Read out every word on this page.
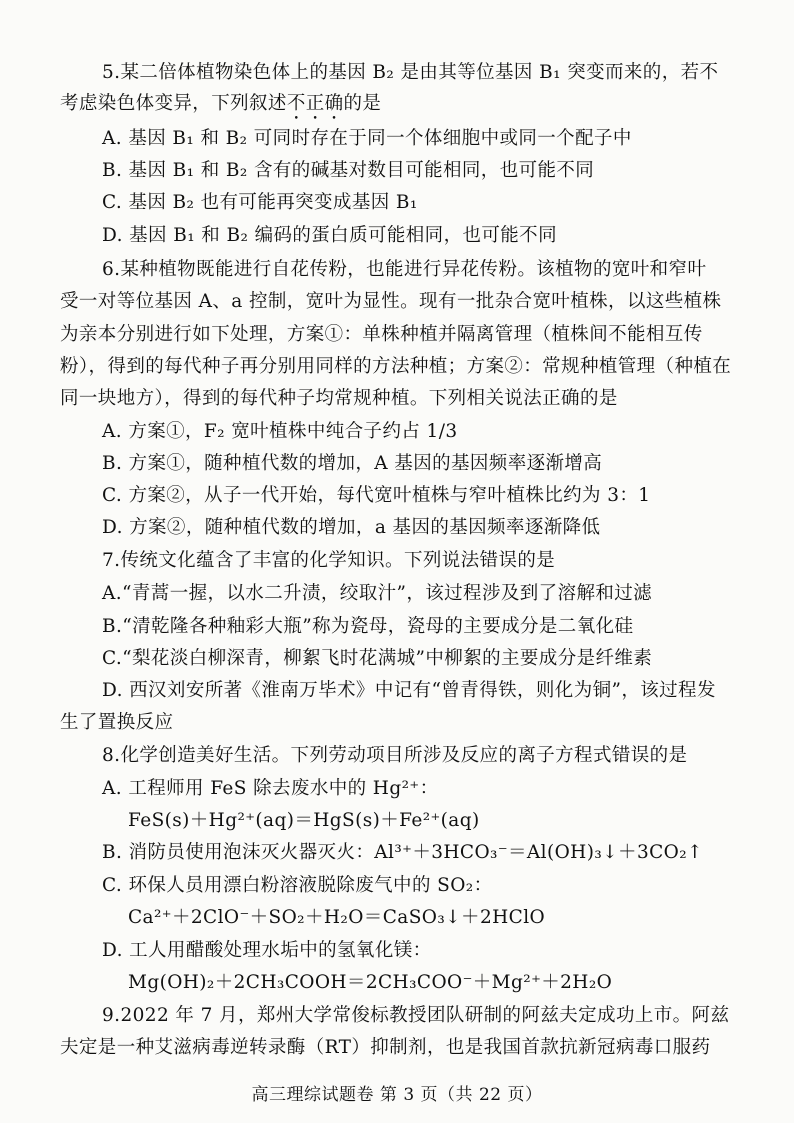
5.某二倍体植物染色体上的基因 B₂ 是由其等位基因 B₁ 突变而来的，若不
考虑染色体变异，下列叙述不正确的是
A. 基因 B₁ 和 B₂ 可同时存在于同一个体细胞中或同一个配子中
B. 基因 B₁ 和 B₂ 含有的碱基对数目可能相同，也可能不同
C. 基因 B₂ 也有可能再突变成基因 B₁
D. 基因 B₁ 和 B₂ 编码的蛋白质可能相同，也可能不同
6.某种植物既能进行自花传粉，也能进行异花传粉。该植物的宽叶和窄叶
受一对等位基因 A、a 控制，宽叶为显性。现有一批杂合宽叶植株，以这些植株
为亲本分别进行如下处理，方案①：单株种植并隔离管理（植株间不能相互传
粉），得到的每代种子再分别用同样的方法种植；方案②：常规种植管理（种植在
同一块地方），得到的每代种子均常规种植。下列相关说法正确的是
A. 方案①，F₂ 宽叶植株中纯合子约占 1/3
B. 方案①，随种植代数的增加，A 基因的基因频率逐渐增高
C. 方案②，从子一代开始，每代宽叶植株与窄叶植株比约为 3：1
D. 方案②，随种植代数的增加，a 基因的基因频率逐渐降低
7.传统文化蕴含了丰富的化学知识。下列说法错误的是
A.“青蒿一握，以水二升渍，绞取汁”，该过程涉及到了溶解和过滤
B.“清乾隆各种釉彩大瓶”称为瓷母，瓷母的主要成分是二氧化硅
C.“梨花淡白柳深青，柳絮飞时花满城”中柳絮的主要成分是纤维素
D. 西汉刘安所著《淮南万毕术》中记有“曾青得铁，则化为铜”，该过程发
生了置换反应
8.化学创造美好生活。下列劳动项目所涉及反应的离子方程式错误的是
A. 工程师用 FeS 除去废水中的 Hg²⁺：
FeS(s)＋Hg²⁺(aq)＝HgS(s)＋Fe²⁺(aq)
B. 消防员使用泡沫灭火器灭火：Al³⁺＋3HCO₃⁻＝Al(OH)₃↓＋3CO₂↑
C. 环保人员用漂白粉溶液脱除废气中的 SO₂：
Ca²⁺＋2ClO⁻＋SO₂＋H₂O＝CaSO₃↓＋2HClO
D. 工人用醋酸处理水垢中的氢氧化镁：
Mg(OH)₂＋2CH₃COOH＝2CH₃COO⁻＋Mg²⁺＋2H₂O
9.2022 年 7 月，郑州大学常俊标教授团队研制的阿兹夫定成功上市。阿兹
夫定是一种艾滋病毒逆转录酶（RT）抑制剂，也是我国首款抗新冠病毒口服药
高三理综试题卷 第 3 页（共 22 页）
